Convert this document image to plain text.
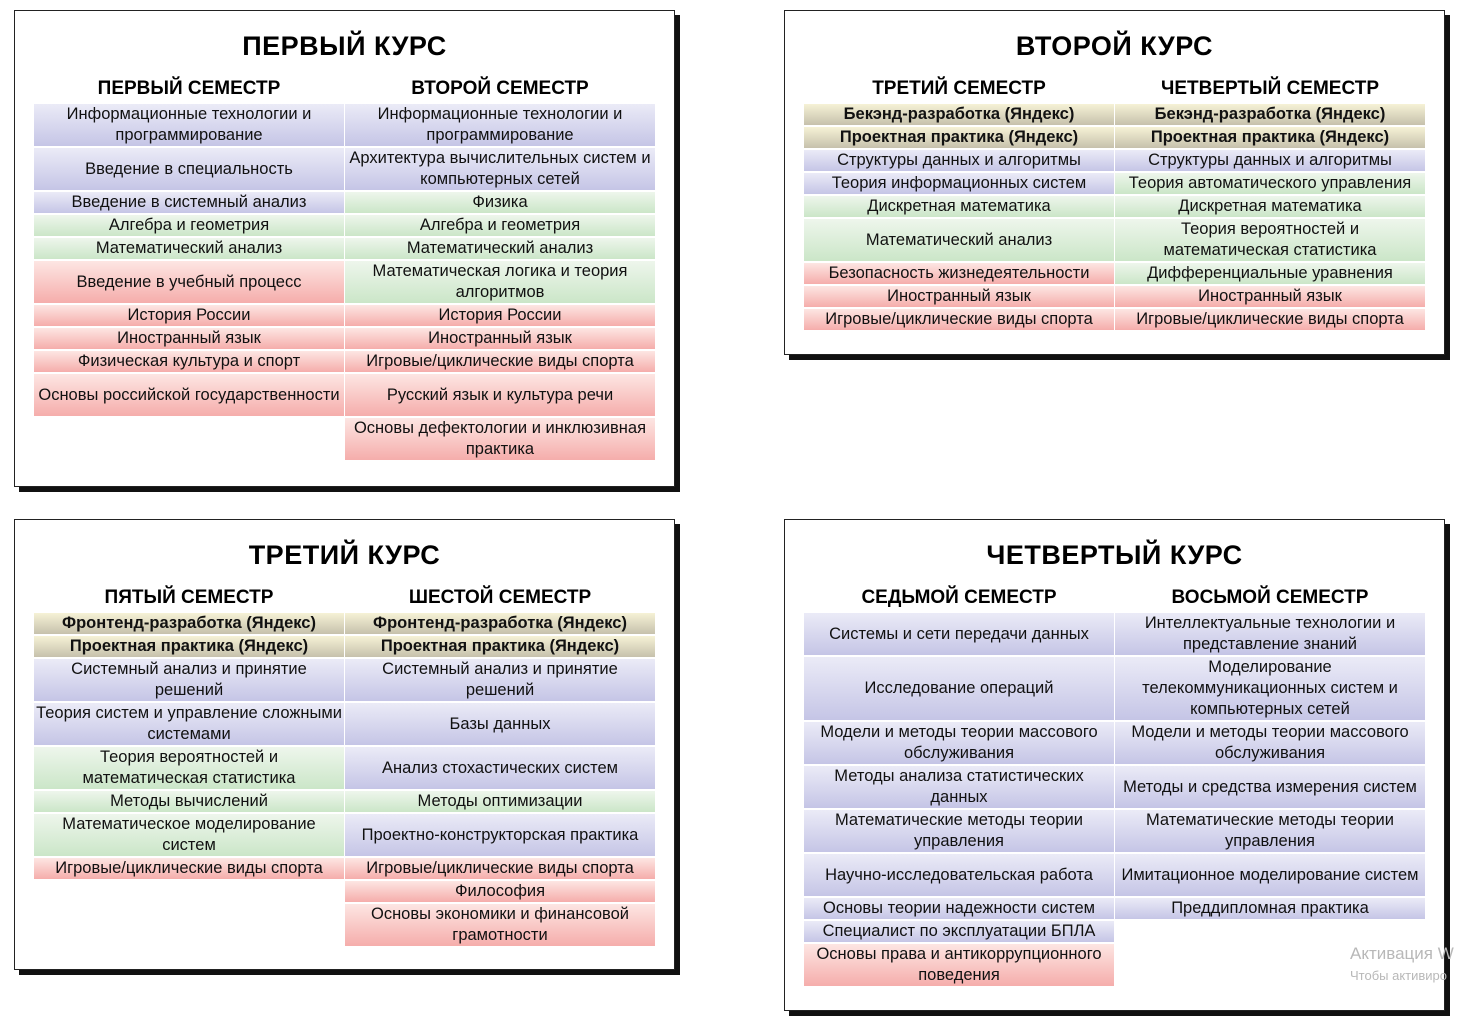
ПЕРВЫЙ КУРС
ПЕРВЫЙ СЕМЕСТР
Информационные технологии и программирование
Введение в специальность
Введение в системный анализ
Алгебра и геометрия
Математический анализ
Введение в учебный процесс
История России
Иностранный язык
Физическая культура и спорт
Основы российской государственности
ВТОРОЙ СЕМЕСТР
Информационные технологии и программирование
Архитектура вычислительных систем и компьютерных сетей
Физика
Алгебра и геометрия
Математический анализ
Математическая логика и теория алгоритмов
История России
Иностранный язык
Игровые/циклические виды спорта
Русский язык и культура речи
Основы дефектологии и инклюзивная практика
ВТОРОЙ КУРС
ТРЕТИЙ СЕМЕСТР
Бекэнд-разработка (Яндекс)
Проектная практика (Яндекс)
Структуры данных и алгоритмы
Теория информационных систем
Дискретная математика
Математический анализ
Безопасность жизнедеятельности
Иностранный язык
Игровые/циклические виды спорта
ЧЕТВЕРТЫЙ СЕМЕСТР
Бекэнд-разработка (Яндекс)
Проектная практика (Яндекс)
Структуры данных и алгоритмы
Теория автоматического управления
Дискретная математика
Теория вероятностей и математическая статистика
Дифференциальные уравнения
Иностранный язык
Игровые/циклические виды спорта
ТРЕТИЙ КУРС
ПЯТЫЙ СЕМЕСТР
Фронтенд-разработка (Яндекс)
Проектная практика (Яндекс)
Системный анализ и принятие решений
Теория систем и управление сложными системами
Теория вероятностей и математическая статистика
Методы вычислений
Математическое моделирование систем
Игровые/циклические виды спорта
ШЕСТОЙ СЕМЕСТР
Фронтенд-разработка (Яндекс)
Проектная практика (Яндекс)
Системный анализ и принятие решений
Базы данных
Анализ стохастических систем
Методы оптимизации
Проектно-конструкторская практика
Игровые/циклические виды спорта
Философия
Основы экономики и финансовой грамотности
ЧЕТВЕРТЫЙ КУРС
СЕДЬМОЙ СЕМЕСТР
Системы и сети передачи данных
Исследование операций
Модели и методы теории массового обслуживания
Методы анализа статистических данных
Математические методы теории управления
Научно-исследовательская работа
Основы теории надежности систем
Специалист по эксплуатации БПЛА
Основы права и антикоррупционного поведения
ВОСЬМОЙ СЕМЕСТР
Интеллектуальные технологии и представление знаний
Моделирование телекоммуникационных систем и компьютерных сетей
Модели и методы теории массового обслуживания
Методы и средства измерения систем
Математические методы теории управления
Имитационное моделирование систем
Преддипломная практика
Активация W
Чтобы активиро
